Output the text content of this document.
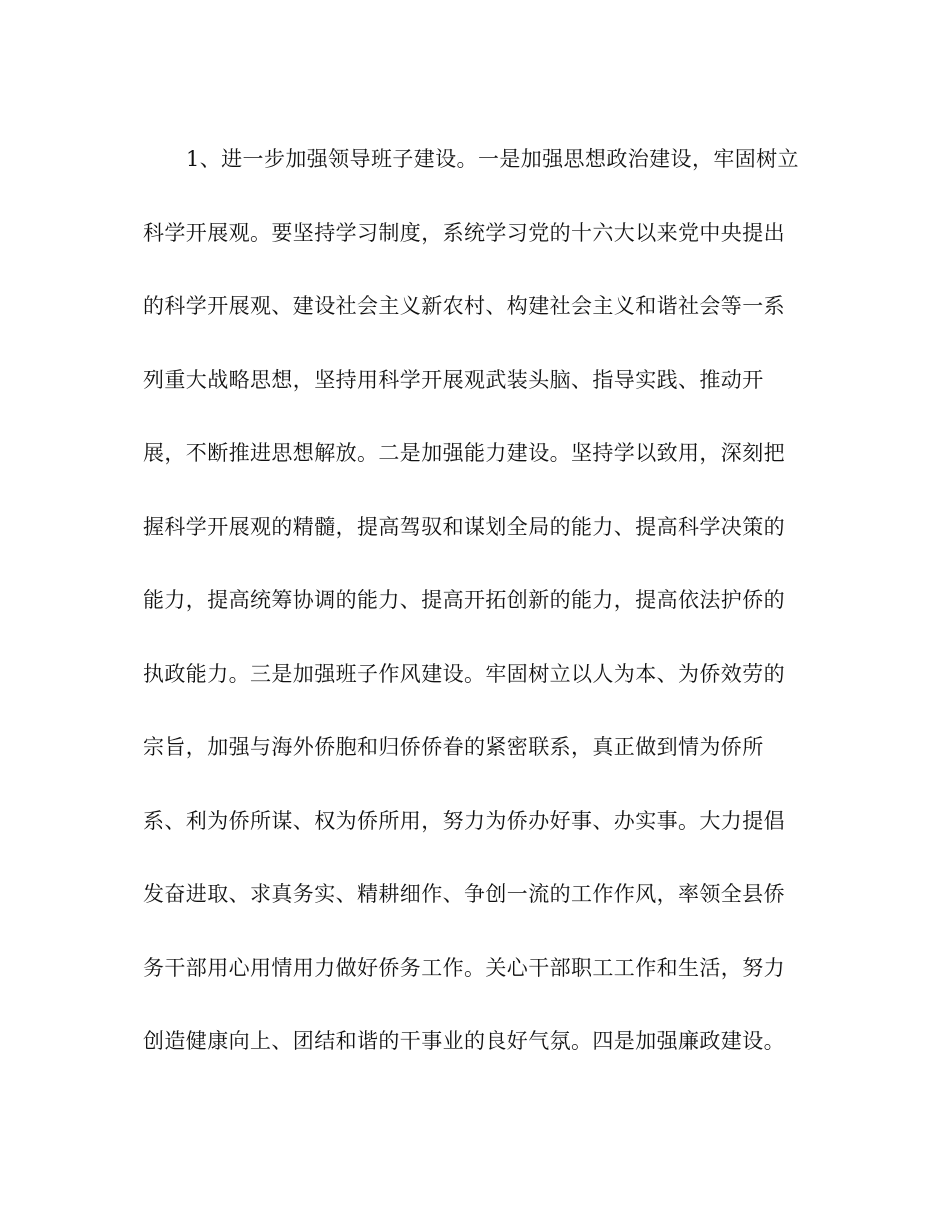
1、进一步加强领导班子建设。一是加强思想政治建设，牢固树立
科学开展观。要坚持学习制度，系统学习党的十六大以来党中央提出
的科学开展观、建设社会主义新农村、构建社会主义和谐社会等一系
列重大战略思想，坚持用科学开展观武装头脑、指导实践、推动开
展，不断推进思想解放。二是加强能力建设。坚持学以致用，深刻把
握科学开展观的精髓，提高驾驭和谋划全局的能力、提高科学决策的
能力，提高统筹协调的能力、提高开拓创新的能力，提高依法护侨的
执政能力。三是加强班子作风建设。牢固树立以人为本、为侨效劳的
宗旨，加强与海外侨胞和归侨侨眷的紧密联系，真正做到情为侨所
系、利为侨所谋、权为侨所用，努力为侨办好事、办实事。大力提倡
发奋进取、求真务实、精耕细作、争创一流的工作作风，率领全县侨
务干部用心用情用力做好侨务工作。关心干部职工工作和生活，努力
创造健康向上、团结和谐的干事业的良好气氛。四是加强廉政建设。
